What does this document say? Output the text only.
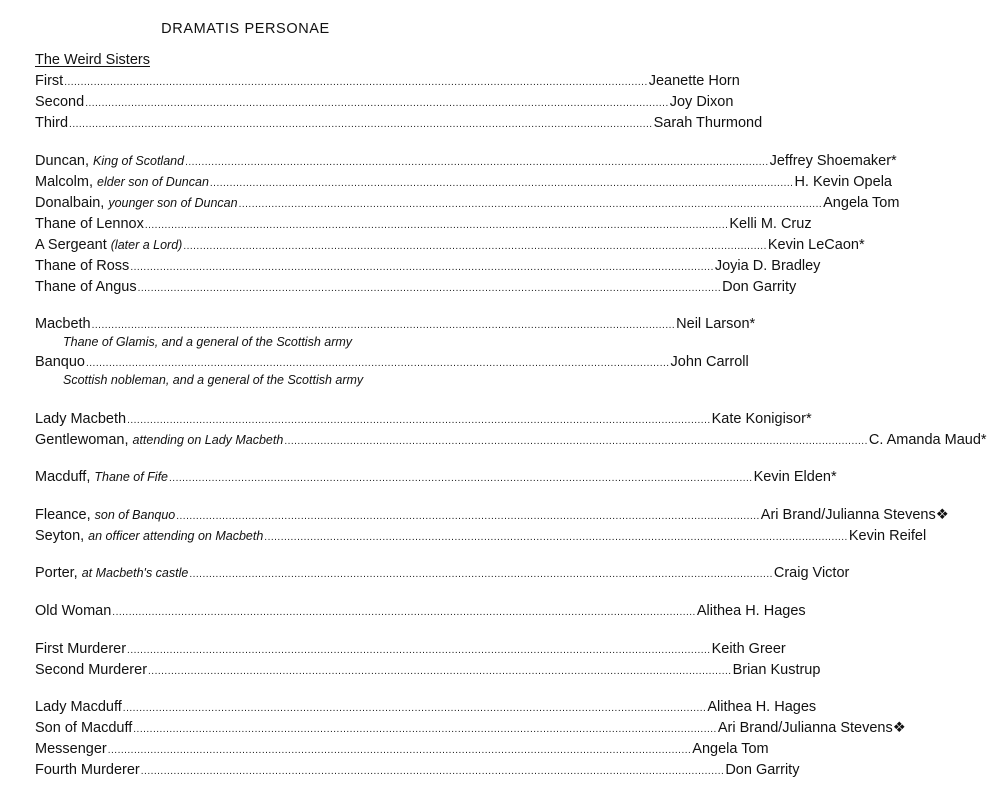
DRAMATIS PERSONAE
The Weird Sisters
First .................................................................................................................................................................................. Jeanette Horn
Second .................................................................................................................................................................................. Joy Dixon
Third .................................................................................................................................................................................. Sarah Thurmond
Duncan, King of Scotland .................................................................................................................................................................................. Jeffrey Shoemaker*
Malcolm, elder son of Duncan .................................................................................................................................................................................. H. Kevin Opela
Donalbain, younger son of Duncan .................................................................................................................................................................................. Angela Tom
Thane of Lennox .................................................................................................................................................................................. Kelli M. Cruz
A Sergeant (later a Lord) .................................................................................................................................................................................. Kevin LeCaon*
Thane of Ross .................................................................................................................................................................................. Joyia D. Bradley
Thane of Angus .................................................................................................................................................................................. Don Garrity
Macbeth .................................................................................................................................................................................. Neil Larson*
Thane of Glamis, and a general of the Scottish army
Banquo .................................................................................................................................................................................. John Carroll
Scottish nobleman, and a general of the Scottish army
Lady Macbeth .................................................................................................................................................................................. Kate Konigisor*
Gentlewoman, attending on Lady Macbeth .................................................................................................................................................................................. C. Amanda Maud*
Macduff, Thane of Fife .................................................................................................................................................................................. Kevin Elden*
Fleance, son of Banquo .................................................................................................................................................................................. Ari Brand/Julianna Stevens❖
Seyton, an officer attending on Macbeth .................................................................................................................................................................................. Kevin Reifel
Porter, at Macbeth's castle .................................................................................................................................................................................. Craig Victor
Old Woman .................................................................................................................................................................................. Alithea H. Hages
First Murderer .................................................................................................................................................................................. Keith Greer
Second Murderer .................................................................................................................................................................................. Brian Kustrup
Lady Macduff .................................................................................................................................................................................. Alithea H. Hages
Son of Macduff .................................................................................................................................................................................. Ari Brand/Julianna Stevens❖
Messenger .................................................................................................................................................................................. Angela Tom
Fourth Murderer .................................................................................................................................................................................. Don Garrity
